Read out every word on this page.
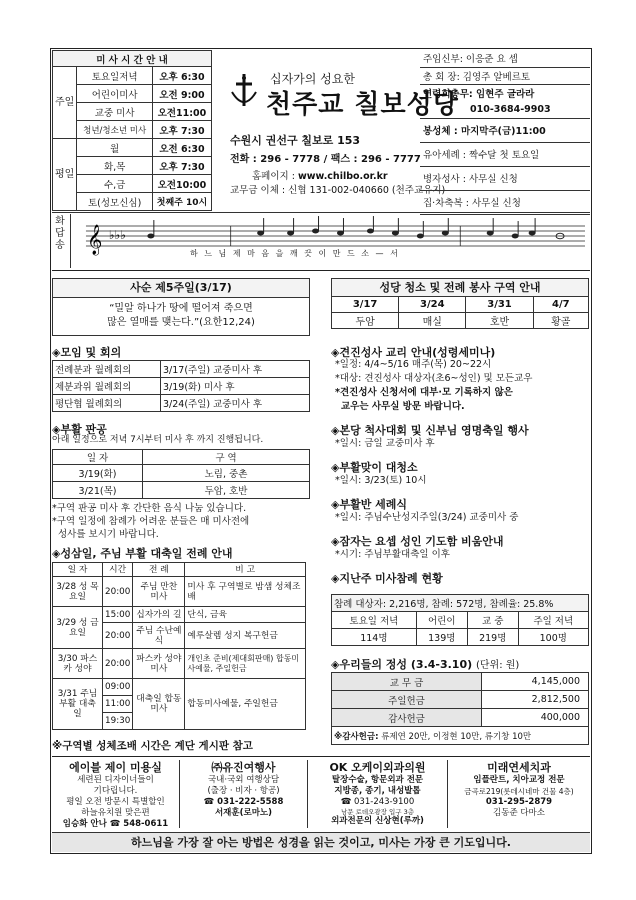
미 사 시 간 안 내		
주일	토요일저녁	오후 6:30
	어린이미사	오전 9:00
	교중 미사	오전11:00
	청년/청소년 미사	오후 7:30
평일	월	오전 6:30
	화,목	오후 7:30
	수,금	오전10:00
	토(성모신심)	첫째주 10시
십자가의 성요한
천주교 칠보성당
수원시 권선구 칠보로 153
전화 : 296 - 7778 / 팩스 : 296 - 7777
홈페이지 : www.chilbo.or.kr
교무금 이체 : 신협 131-002-040660 (천주교유지)
주임신부: 이응준 요 셉
총 회 장: 김영주 알베르토
연령회총무: 임현주 글라라
010-3684-9903
봉성체 : 마지막주(금)11:00
유아세례 : 짝수달 첫 토요일
병자성사 : 사무실 신청
집·차축복 : 사무실 신청
화답송 𝄞 ♭♭♭
하 느 님 제 마 음 을 깨 끗 이 만 드 소 — 서
사순 제5주일(3/17)
“밀알 하나가 땅에 떨어져 죽으면
많은 열매를 맺는다.”(요한12,24)
◈모임 및 회의
전례분과 월례회의	3/17(주일) 교중미사 후
제분과위 월례회의	3/19(화) 미사 후
평단협 월례회의	3/24(주일) 교중미사 후
◈부활 판공
아래 일정으로 저녁 7시부터 미사 후 까지 진행됩니다.
일 자	구 역
3/19(화)	노림, 중촌
3/21(목)	두암, 호반
*구역 판공 미사 후 간단한 음식 나눔 있습니다.
*구역 일정에 참례가 어려운 분들은 매 미사전에
성사를 보시기 바랍니다.
◈성삼일, 주님 부활 대축일 전례 안내
일 자	시간	전 례	비 고
3/28 성 목요일	20:00	주님 만찬 미사	미사 후 구역별로 밤샘 성체조배
3/29 성 금요일	15:00	십자가의 길	단식, 금육
	20:00	주님 수난예식	예루살렘 성지 복구헌금
3/30 파스카 성야	20:00	파스카 성야 미사	개인초 준비(제대회판매) 합동미사예물, 주일헌금
3/31 주님부활 대축일	09:00	대축일 합동미사	합동미사예물, 주일헌금
	11:00		
	19:30		
※구역별 성체조배 시간은 계단 게시판 참고
성당 청소 및 전례 봉사 구역 안내
3/17	3/24	3/31	4/7
두암	매실	호반	황골
◈견진성사 교리 안내(성령세미나)
*일정: 4/4~5/16 매주(목) 20~22시
*대상: 견진성사 대상자(초6~성인) 및 모든교우
*견진성사 신청서에 대부·모 기록하지 않은
교우는 사무실 방문 바랍니다.
◈본당 척사대회 및 신부님 영명축일 행사
*일시: 금일 교중미사 후
◈부활맞이 대청소
*일시: 3/23(토) 10시
◈부활반 세례식
*일시: 주님수난성지주일(3/24) 교중미사 중
◈잠자는 요셉 성인 기도함 비움안내
*시기: 주님부활대축일 이후
◈지난주 미사참례 현황
참례 대상자: 2,216명, 참례: 572명, 참례율: 25.8%			
토요일 저녁	어린이	교 중	주일 저녁
114명	139명	219명	100명
◈우리들의 정성 (3.4-3.10) (단위: 원)
교 무 금	4,145,000
주일헌금	2,812,500
감사헌금	400,000
※감사헌금: 류제연 20만, 이정현 10만, 류기창 10만	
에이블 제이 미용실
세련된 디자이너들이
기다립니다.
평일 오전 방문시 특별할인
하늘유치원 맞은편
임승화 안나 ☎ 548-0611
㈜유진여행사
국내·국외 여행상담
(출장 · 비자 · 항공)
☎ 031-222-5588
서재훈(로마노)
OK 오케이외과의원
탈장수술, 항문외과 전문
지방종, 종기, 내성발톱
☎ 031-243-9100
남문 로데오광장 입구 3층
외과전문의 신상현(루까)
미래연세치과
임플란트, 치아교정 전문
금곡로219(롯데시네마 건물 4층)
031-295-2879
김동준 다마소
하느님을 가장 잘 아는 방법은 성경을 읽는 것이고, 미사는 가장 큰 기도입니다.
